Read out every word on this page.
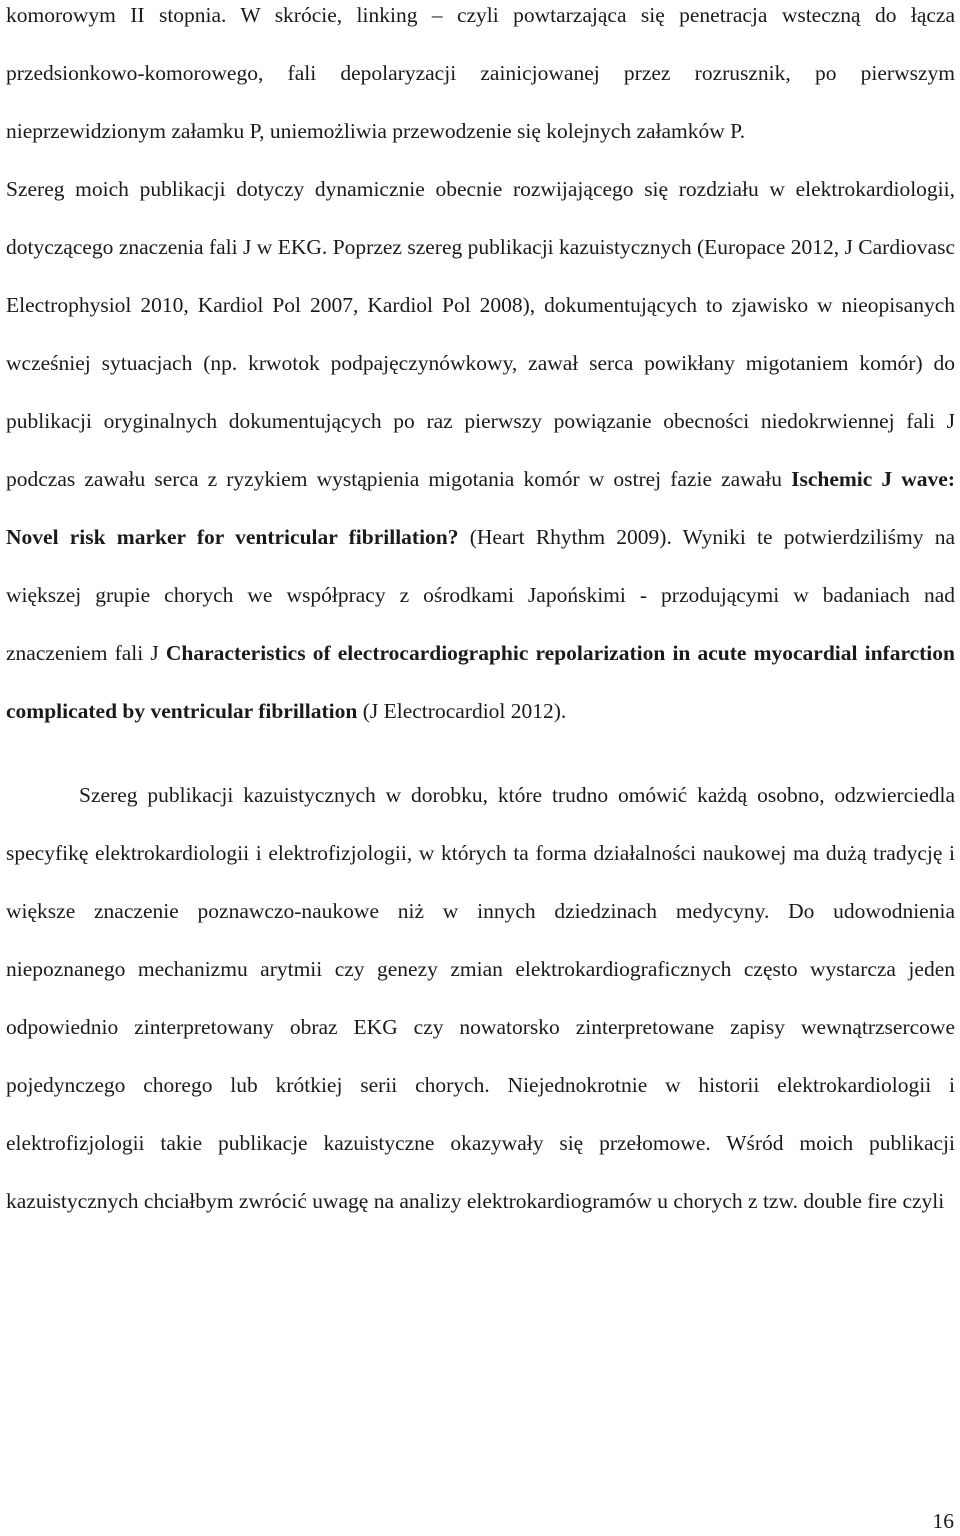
komorowym II stopnia. W skrócie, linking – czyli powtarzająca się penetracja wsteczną do łącza przedsionkowo-komorowego, fali depolaryzacji zainicjowanej przez rozrusznik, po pierwszym nieprzewidzionym załamku P, uniemożliwia przewodzenie się kolejnych załamków P.

Szereg moich publikacji dotyczy dynamicznie obecnie rozwijającego się rozdziału w elektrokardiologii, dotyczącego znaczenia fali J w EKG. Poprzez szereg publikacji kazuistycznych (Europace 2012, J Cardiovasc Electrophysiol 2010, Kardiol Pol 2007, Kardiol Pol 2008), dokumentujących to zjawisko w nieopisanych wcześniej sytuacjach (np. krwotok podpajęczynówkowy, zawał serca powikłany migotaniem komór) do publikacji oryginalnych dokumentujących po raz pierwszy powiązanie obecności niedokrwiennej fali J podczas zawału serca z ryzykiem wystąpienia migotania komór w ostrej fazie zawału Ischemic J wave: Novel risk marker for ventricular fibrillation? (Heart Rhythm 2009). Wyniki te potwierdziliśmy na większej grupie chorych we współpracy z ośrodkami Japońskimi - przodującymi w badaniach nad znaczeniem fali J Characteristics of electrocardiographic repolarization in acute myocardial infarction complicated by ventricular fibrillation (J Electrocardiol 2012).

Szereg publikacji kazuistycznych w dorobku, które trudno omówić każdą osobno, odzwierciedla specyfikę elektrokardiologii i elektrofizjologii, w których ta forma działalności naukowej ma dużą tradycję i większe znaczenie poznawczo-naukowe niż w innych dziedzinach medycyny. Do udowodnienia niepoznanego mechanizmu arytmii czy genezy zmian elektrokardiograficznych często wystarcza jeden odpowiednio zinterpretowany obraz EKG czy nowatorsko zinterpretowane zapisy wewnątrzsercowe pojedynczego chorego lub krótkiej serii chorych. Niejednokrotnie w historii elektrokardiologii i elektrofizjologii takie publikacje kazuistyczne okazywały się przełomowe. Wśród moich publikacji kazuistycznych chciałbym zwrócić uwagę na analizy elektrokardiogramów u chorych z tzw. double fire czyli

16
